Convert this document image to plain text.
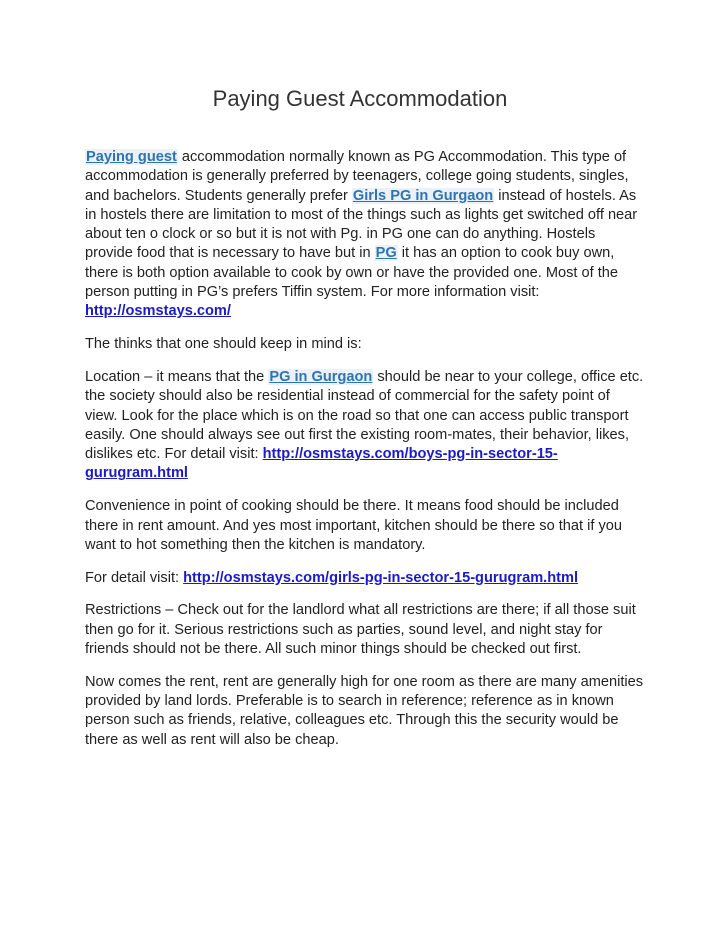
Paying Guest Accommodation

Paying guest accommodation normally known as PG Accommodation. This type of accommodation is generally preferred by teenagers, college going students, singles, and bachelors. Students generally prefer Girls PG in Gurgaon instead of hostels. As in hostels there are limitation to most of the things such as lights get switched off near about ten o clock or so but it is not with Pg. in PG one can do anything. Hostels provide food that is necessary to have but in PG it has an option to cook buy own, there is both option available to cook by own or have the provided one. Most of the person putting in PG’s prefers Tiffin system. For more information visit: http://osmstays.com/

The thinks that one should keep in mind is:

Location – it means that the PG in Gurgaon should be near to your college, office etc. the society should also be residential instead of commercial for the safety point of view. Look for the place which is on the road so that one can access public transport easily. One should always see out first the existing room-mates, their behavior, likes, dislikes etc. For detail visit: http://osmstays.com/boys-pg-in-sector-15-gurugram.html

Convenience in point of cooking should be there. It means food should be included there in rent amount. And yes most important, kitchen should be there so that if you want to hot something then the kitchen is mandatory.

For detail visit: http://osmstays.com/girls-pg-in-sector-15-gurugram.html

Restrictions – Check out for the landlord what all restrictions are there; if all those suit then go for it. Serious restrictions such as parties, sound level, and night stay for friends should not be there. All such minor things should be checked out first.

Now comes the rent, rent are generally high for one room as there are many amenities provided by land lords. Preferable is to search in reference; reference as in known person such as friends, relative, colleagues etc. Through this the security would be there as well as rent will also be cheap.
